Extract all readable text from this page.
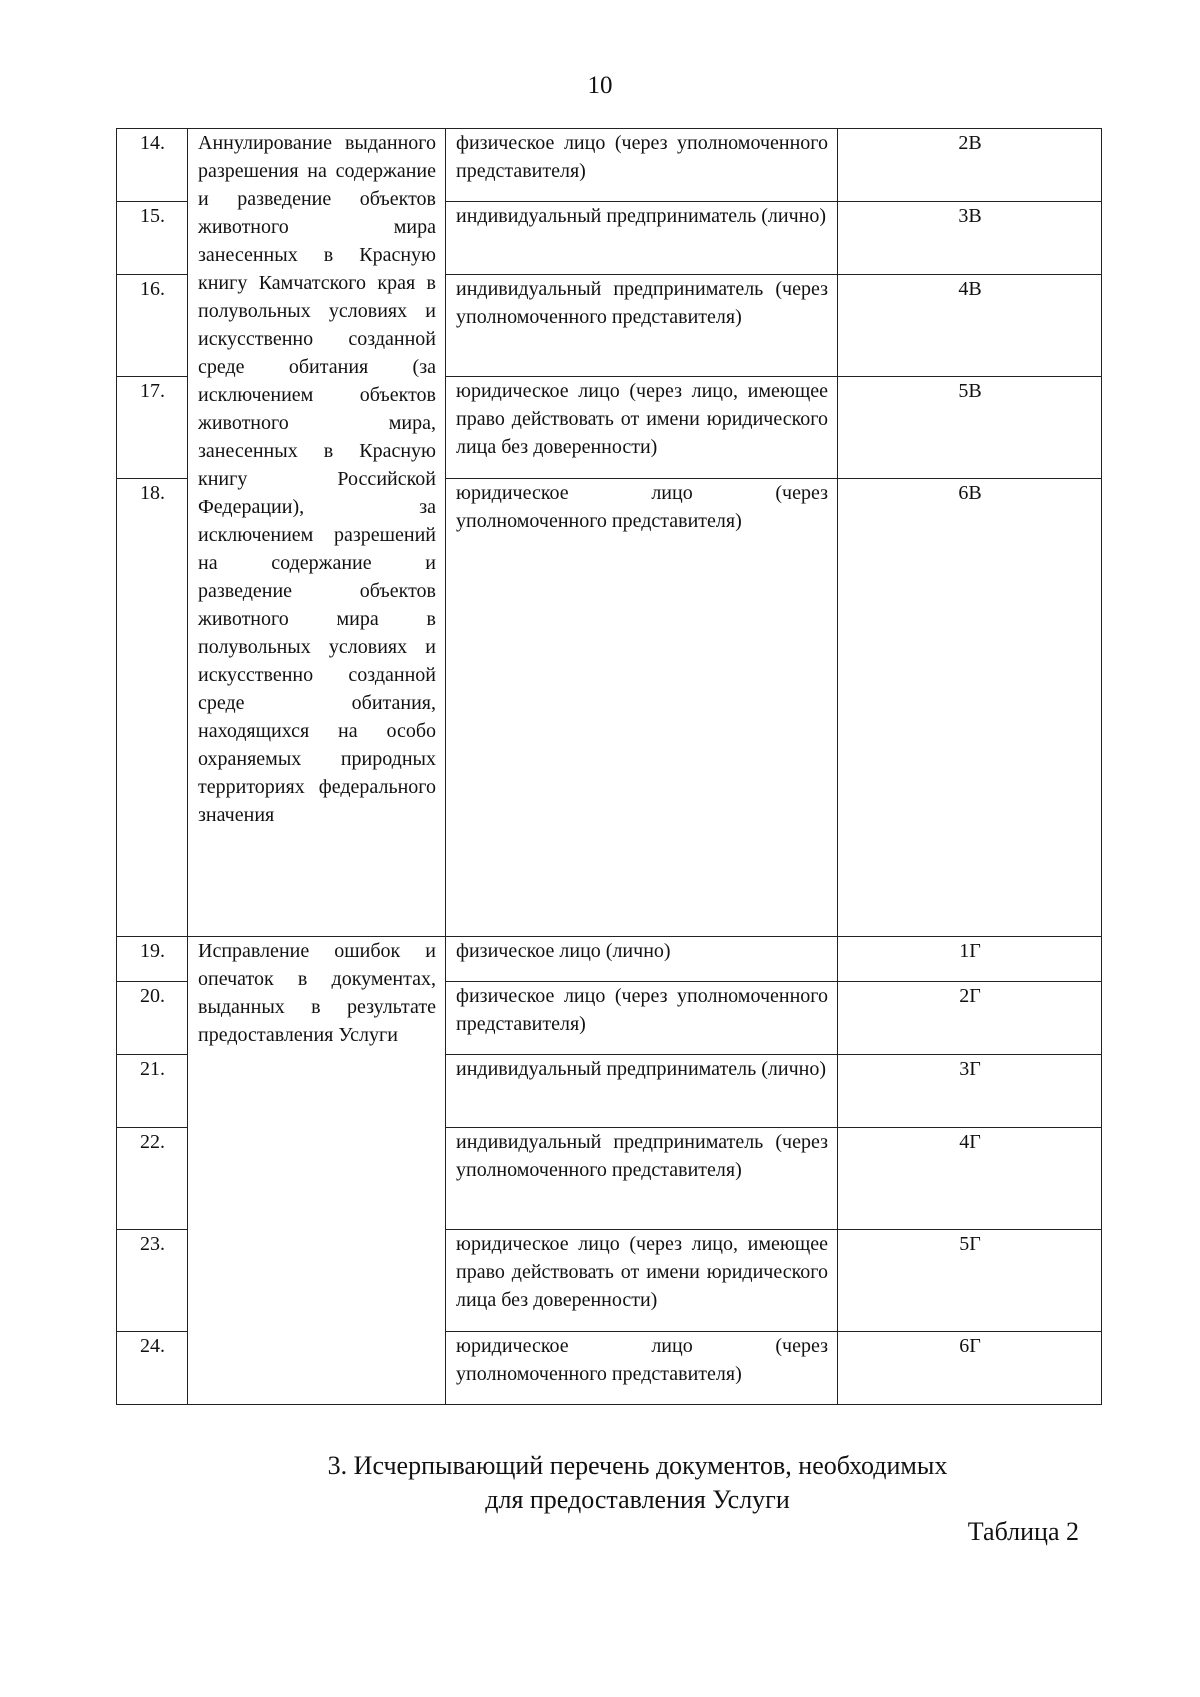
10
14.	Аннулирование выданного разрешения на содержание и разведение объектов животного мира занесенных в Красную книгу Камчатского края в полувольных условиях и искусственно созданной среде обитания (за исключением объектов животного мира, занесенных в Красную книгу Российской Федерации), за исключением разрешений на содержание и разведение объектов животного мира в полувольных условиях и искусственно созданной среде обитания, находящихся на особо охраняемых природных территориях федерального значения	физическое лицо (через уполномоченного представителя)	2В
15.		индивидуальный предприниматель (лично)	3В
16.		индивидуальный предприниматель (через уполномоченного представителя)	4В
17.		юридическое лицо (через лицо, имеющее право действовать от имени юридического лица без доверенности)	5В
18.		юридическое лицо (через уполномоченного представителя)	6В
19.	Исправление ошибок и опечаток в документах, выданных в результате предоставления Услуги	физическое лицо (лично)	1Г
20.		физическое лицо (через уполномоченного представителя)	2Г
21.		индивидуальный предприниматель (лично)	3Г
22.		индивидуальный предприниматель (через уполномоченного представителя)	4Г
23.		юридическое лицо (через лицо, имеющее право действовать от имени юридического лица без доверенности)	5Г
24.		юридическое лицо (через уполномоченного представителя)	6Г
3. Исчерпывающий перечень документов, необходимых
для предоставления Услуги
Таблица 2
